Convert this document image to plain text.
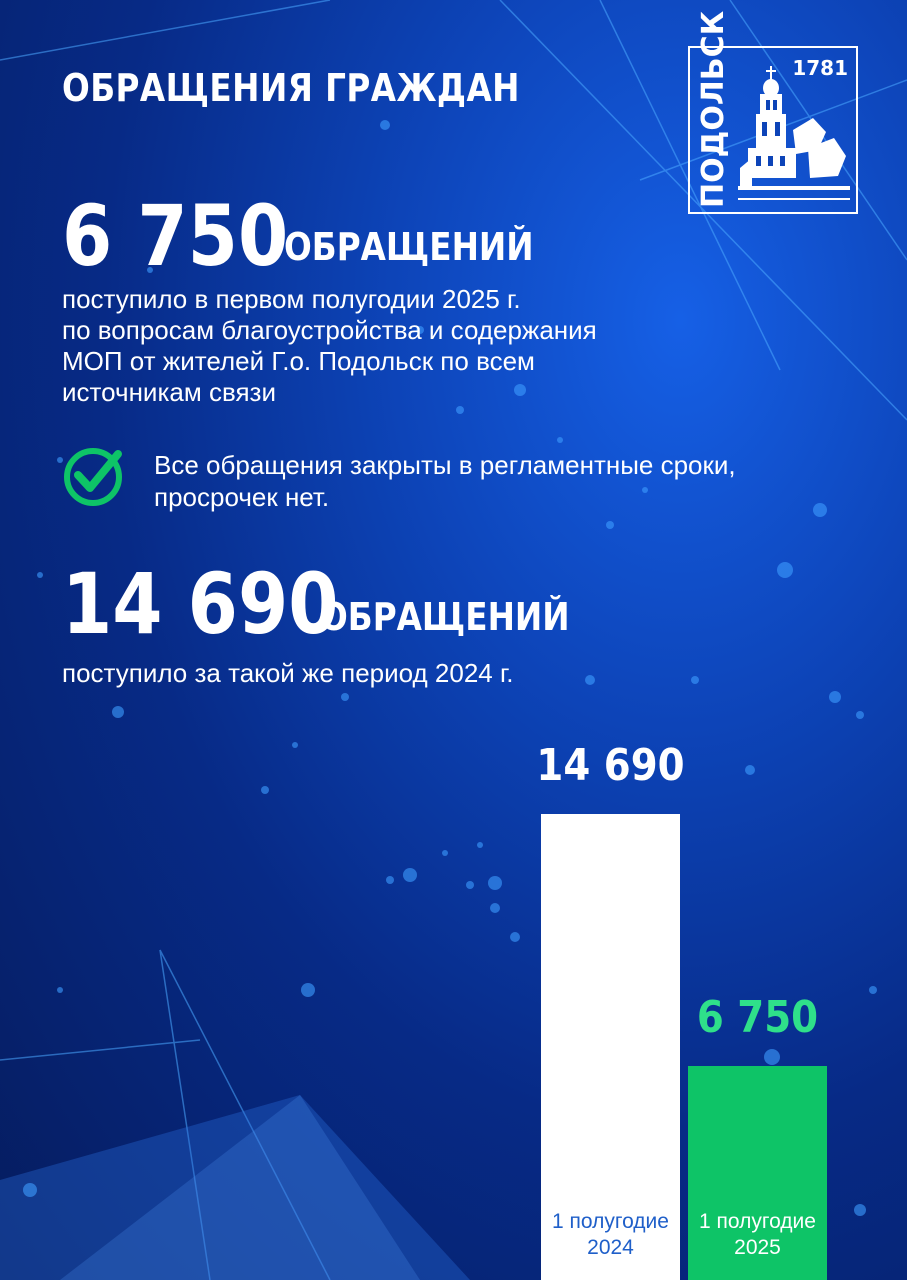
ОБРАЩЕНИЯ ГРАЖДАН	ПОДОЛЬСК	1781
6 750
ОБРАЩЕНИЙ

поступило в первом полугодии 2025 г.
по вопросам благоустройства и содержания
МОП от жителей Г.о. Подольск по всем
источникам связи

Все обращения закрыты в регламентные сроки,
просрочек нет.
14 690
ОБРАЩЕНИЙ

поступило за такой же период 2024 г.

14 690
1 полугодие
2024
6 750
1 полугодие
2025
